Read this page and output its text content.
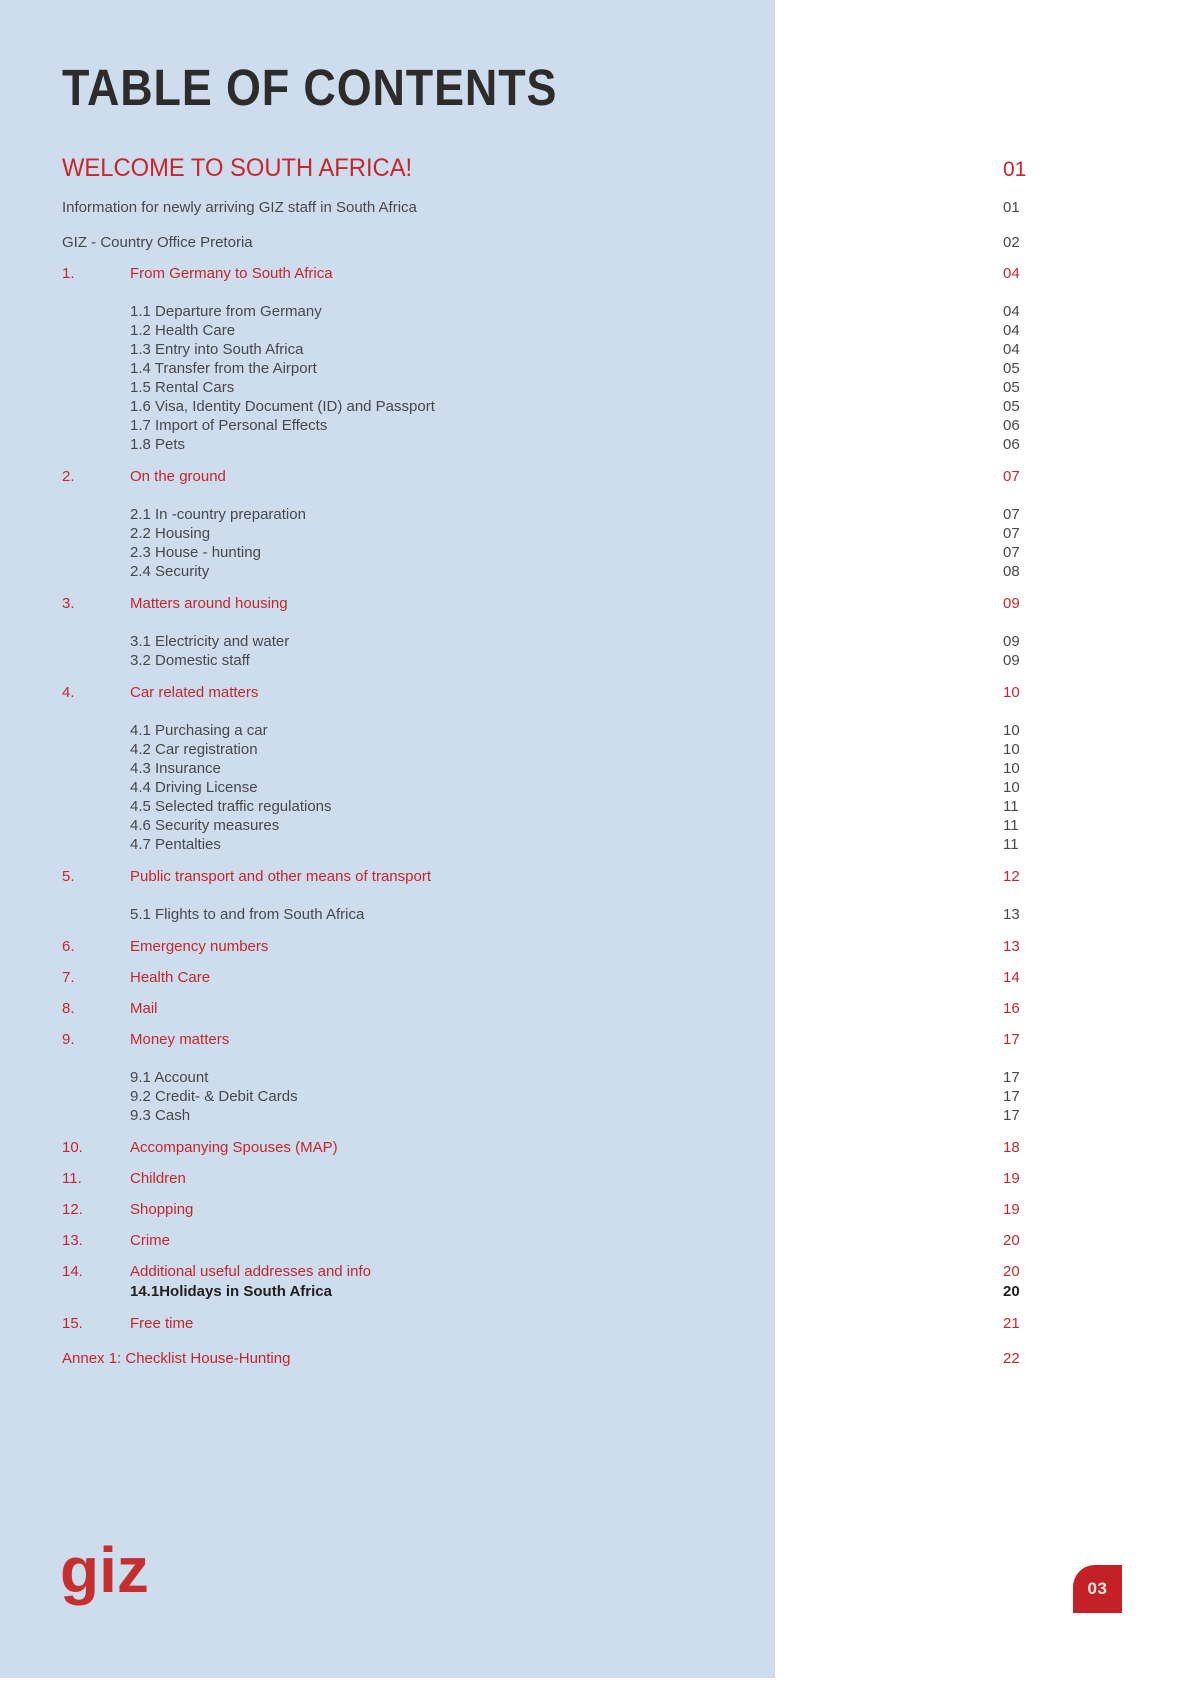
TABLE OF CONTENTS
WELCOME TO SOUTH AFRICA!	01
Information for newly arriving GIZ staff in South Africa	01
GIZ - Country Office Pretoria	02
1.	From Germany to South Africa	04
1.1 Departure from Germany	04
1.2 Health Care	04
1.3 Entry into South Africa	04
1.4 Transfer from the Airport	05
1.5 Rental Cars	05
1.6 Visa, Identity Document (ID) and Passport	05
1.7 Import of Personal Effects	06
1.8 Pets	06
2.	On the ground	07
2.1 In -country preparation	07
2.2 Housing	07
2.3 House - hunting	07
2.4 Security	08
3.	Matters around housing	09
3.1 Electricity and water	09
3.2 Domestic staff	09
4.	Car related matters	10
4.1 Purchasing a car	10
4.2 Car registration	10
4.3 Insurance	10
4.4 Driving License	10
4.5 Selected traffic regulations	11
4.6 Security measures	11
4.7 Pentalties	11
5.	Public transport and other means of transport	12
5.1 Flights to and from South Africa	13
6.	Emergency numbers	13
7.	Health Care	14
8.	Mail	16
9.	Money matters	17
9.1 Account	17
9.2 Credit- & Debit Cards	17
9.3 Cash	17
10.	Accompanying Spouses (MAP)	18
11.	Children	19
12.	Shopping	19
13.	Crime	20
14.	Additional useful addresses and info	20
14.1Holidays in South Africa	20
15.	Free time	21
Annex 1: Checklist House-Hunting	22
giz	03
